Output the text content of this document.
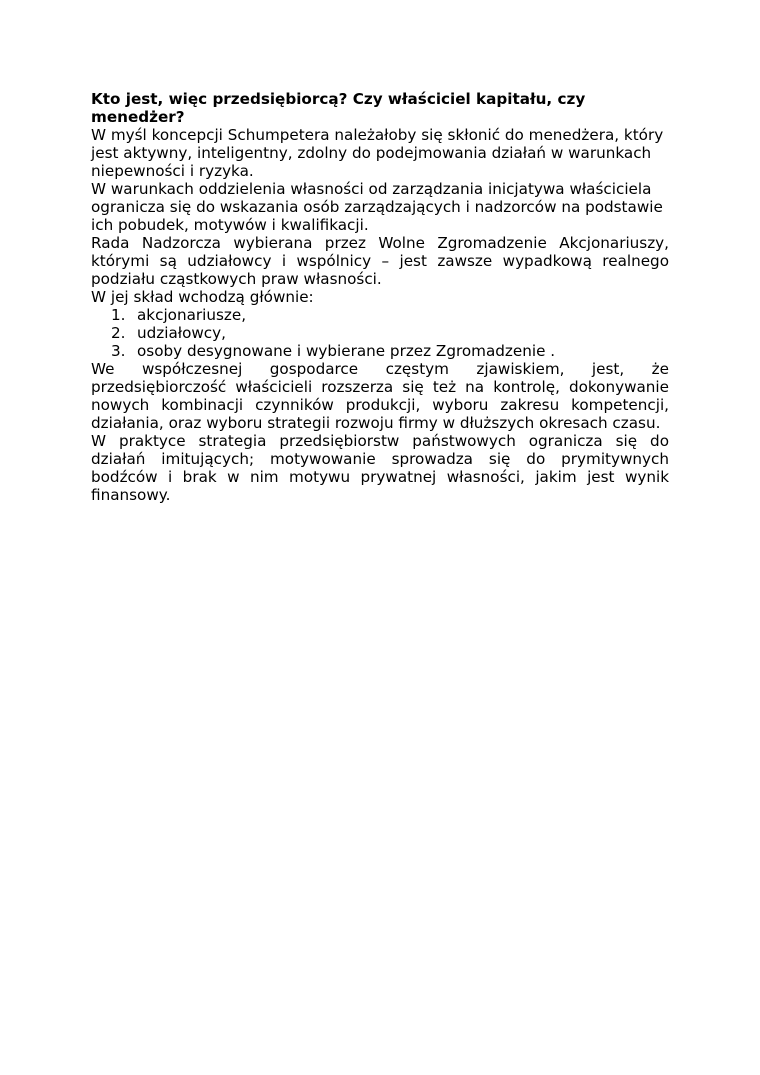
Kto jest, więc przedsiębiorcą? Czy właściciel kapitału, czy menedżer?

W myśl koncepcji Schumpetera należałoby się skłonić do menedżera, który jest aktywny, inteligentny, zdolny do podejmowania działań w warunkach niepewności i ryzyka.

W warunkach oddzielenia własności od zarządzania inicjatywa właściciela ogranicza się do wskazania osób zarządzających i nadzorców na podstawie ich pobudek, motywów i kwalifikacji.

Rada Nadzorcza wybierana przez Wolne Zgromadzenie Akcjonariuszy, którymi są udziałowcy i wspólnicy – jest zawsze wypadkową realnego podziału cząstkowych praw własności.

W jej skład wchodzą głównie:

1. akcjonariusze,
2. udziałowcy,
3. osoby desygnowane i wybierane przez Zgromadzenie .

We współczesnej gospodarce częstym zjawiskiem, jest, że przedsiębiorczość właścicieli rozszerza się też na kontrolę, dokonywanie nowych kombinacji czynników produkcji, wyboru zakresu kompetencji, działania, oraz wyboru strategii rozwoju firmy w dłuższych okresach czasu.

W praktyce strategia przedsiębiorstw państwowych ogranicza się do działań imitujących; motywowanie sprowadza się do prymitywnych bodźców i brak w nim motywu prywatnej własności, jakim jest wynik finansowy.
